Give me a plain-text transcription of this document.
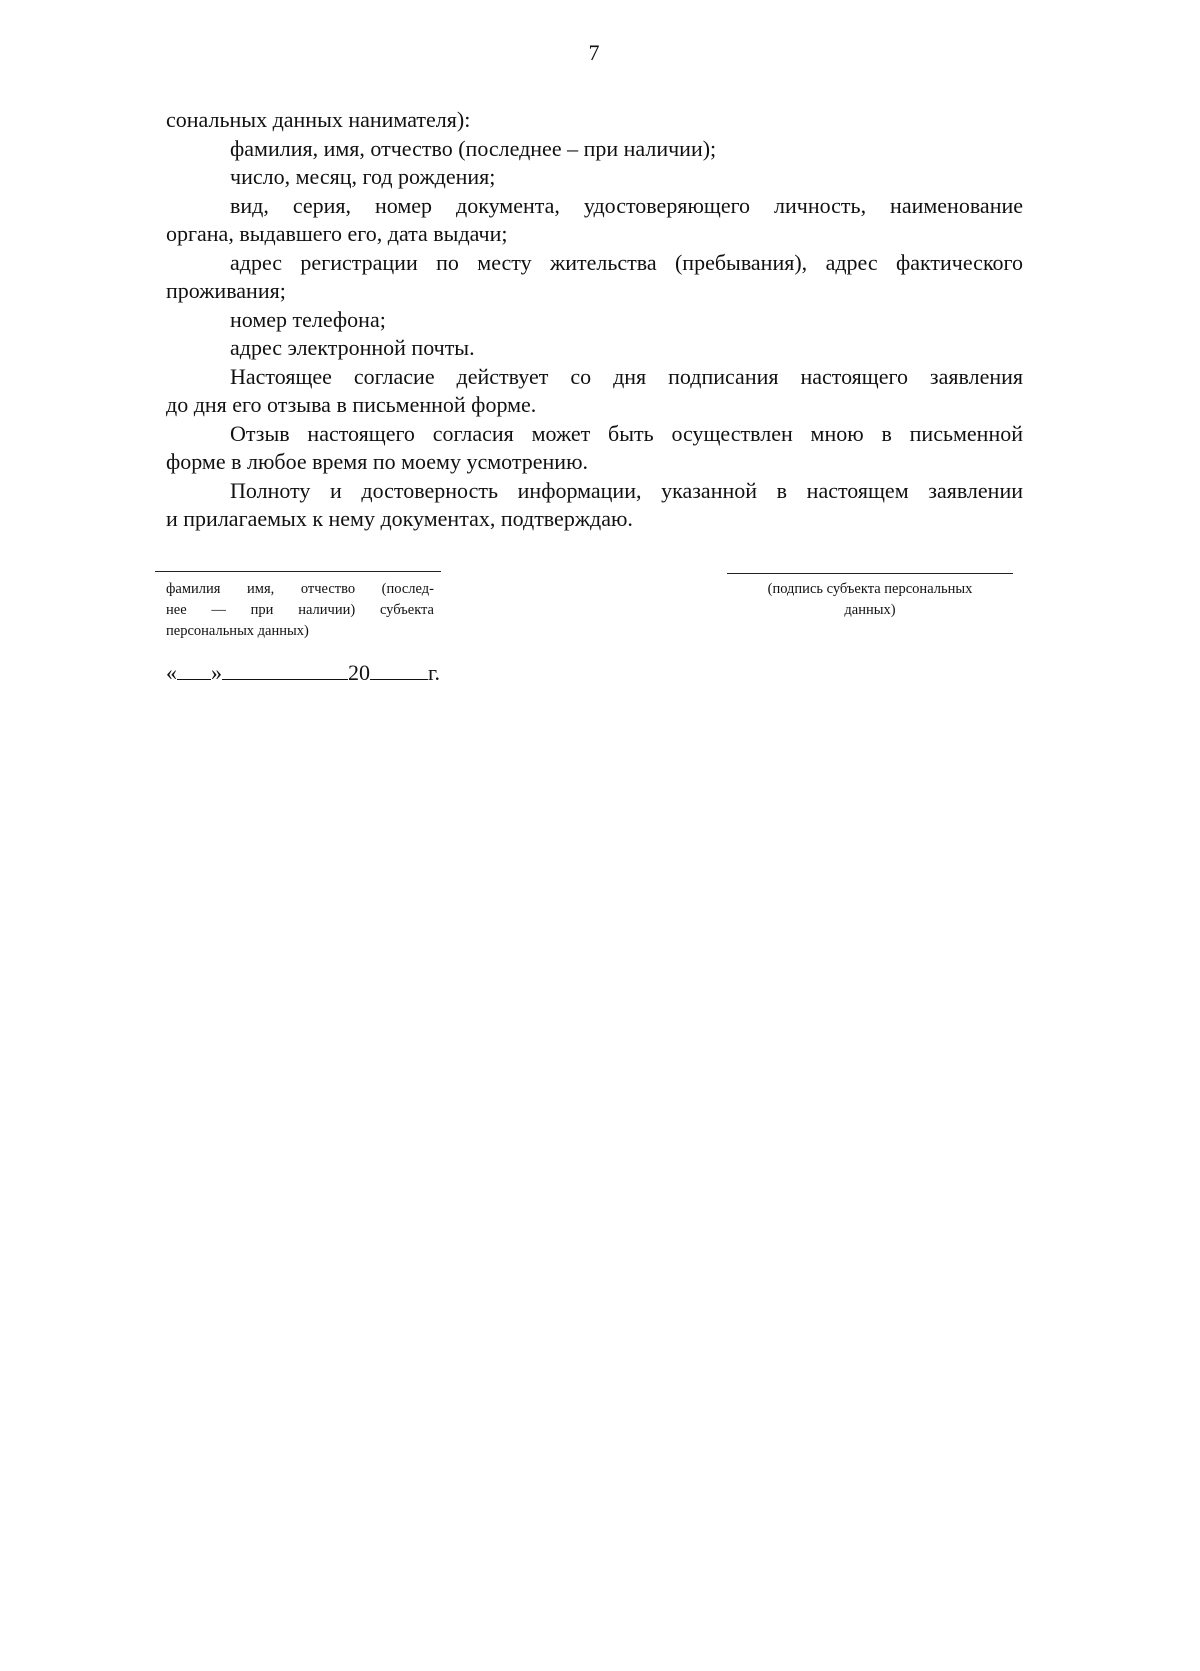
7
сональных данных нанимателя):
фамилия, имя, отчество (последнее – при наличии);
число, месяц, год рождения;
вид, серия, номер документа, удостоверяющего личность, наименование
органа, выдавшего его, дата выдачи;
адрес регистрации по месту жительства (пребывания), адрес фактического
проживания;
номер телефона;
адрес электронной почты.
Настоящее согласие действует со дня подписания настоящего заявления
до дня его отзыва в письменной форме.
Отзыв настоящего согласия может быть осуществлен мною в письменной
форме в любое время по моему усмотрению.
Полноту и достоверность информации, указанной в настоящем заявлении
и прилагаемых к нему документах, подтверждаю.
фамилия имя, отчество (послед-
нее — при наличии) субъекта
персональных данных)
(подпись субъекта персональных
данных)
« »	20	г.
